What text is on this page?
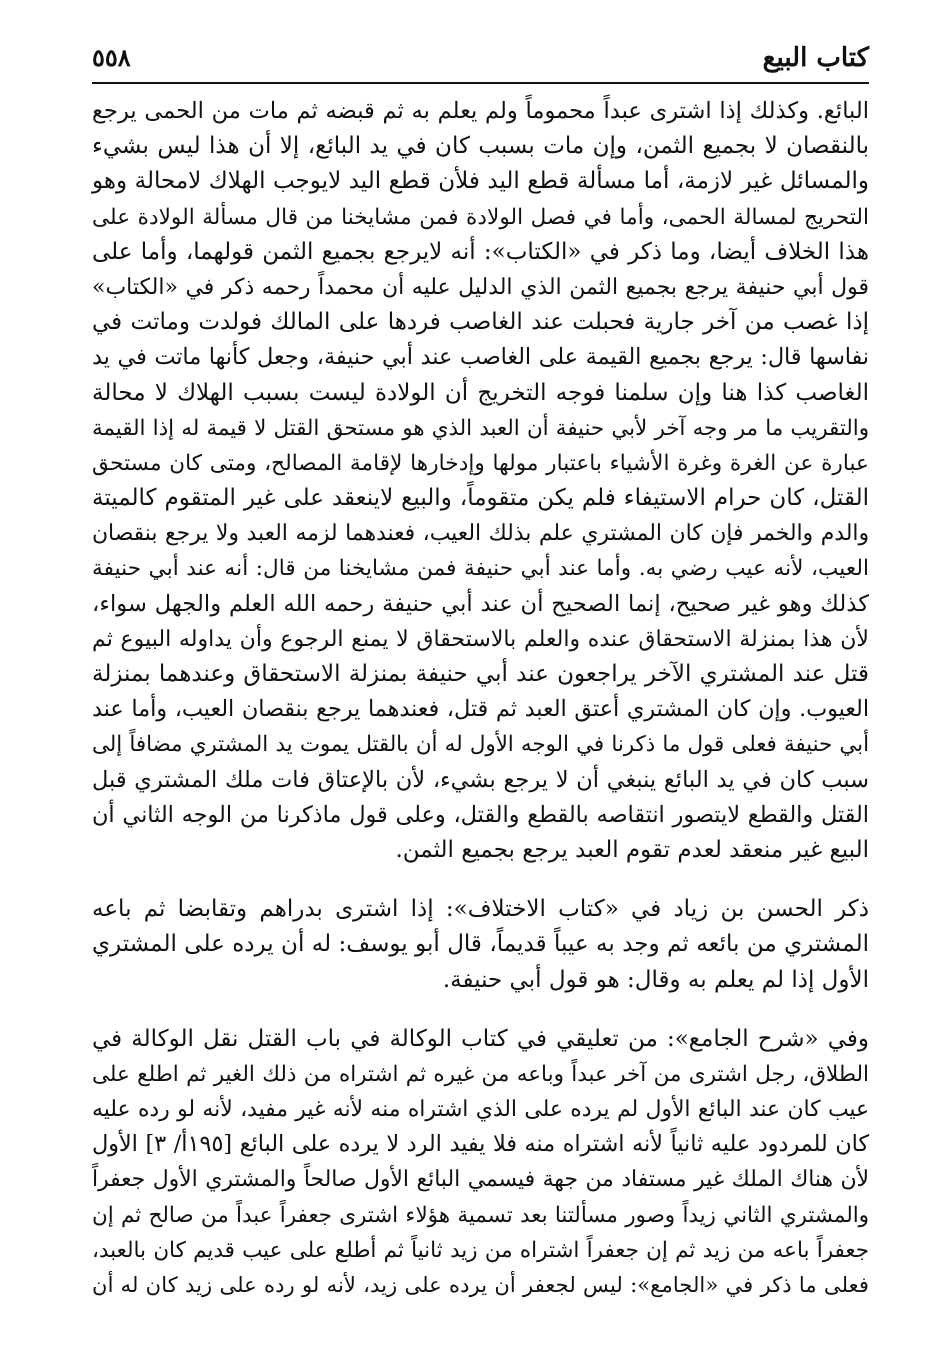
كتاب البيع
٥٥٨
البائع. وكذلك إذا اشترى عبداً محموماً ولم يعلم به ثم قبضه ثم مات من الحمى يرجع
بالنقصان لا بجميع الثمن، وإن مات بسبب كان في يد البائع، إلا أن هذا ليس بشيء
والمسائل غير لازمة، أما مسألة قطع اليد فلأن قطع اليد لايوجب الهلاك لامحالة وهو
التحريج لمسالة الحمى، وأما في فصل الولادة فمن مشايخنا من قال مسألة الولادة على
هذا الخلاف أيضا، وما ذكر في «الكتاب»: أنه لايرجع بجميع الثمن قولهما، وأما على
قول أبي حنيفة يرجع بجميع الثمن الذي الدليل عليه أن محمداً رحمه ذكر في «الكتاب»
إذا غصب من آخر جارية فحبلت عند الغاصب فردها على المالك فولدت وماتت في
نفاسها قال: يرجع بجميع القيمة على الغاصب عند أبي حنيفة، وجعل كأنها ماتت في يد
الغاصب كذا هنا وإن سلمنا فوجه التخريج أن الولادة ليست بسبب الهلاك لا محالة
والتقريب ما مر وجه آخر لأبي حنيفة أن العبد الذي هو مستحق القتل لا قيمة له إذا القيمة
عبارة عن الغرة وغرة الأشياء باعتبار مولها وإدخارها لإقامة المصالح، ومتى كان مستحق
القتل، كان حرام الاستيفاء فلم يكن متقوماً، والبيع لاينعقد على غير المتقوم كالميتة
والدم والخمر فإن كان المشتري علم بذلك العيب، فعندهما لزمه العبد ولا يرجع بنقصان
العيب، لأنه عيب رضي به. وأما عند أبي حنيفة فمن مشايخنا من قال: أنه عند أبي حنيفة
كذلك وهو غير صحيح، إنما الصحيح أن عند أبي حنيفة رحمه الله العلم والجهل سواء،
لأن هذا بمنزلة الاستحقاق عنده والعلم بالاستحقاق لا يمنع الرجوع وأن يداوله البيوع ثم
قتل عند المشتري الآخر يراجعون عند أبي حنيفة بمنزلة الاستحقاق وعندهما بمنزلة
العيوب. وإن كان المشتري أعتق العبد ثم قتل، فعندهما يرجع بنقصان العيب، وأما عند
أبي حنيفة فعلى قول ما ذكرنا في الوجه الأول له أن بالقتل يموت يد المشتري مضافاً إلى
سبب كان في يد البائع ينبغي أن لا يرجع بشيء، لأن بالإعتاق فات ملك المشتري قبل
القتل والقطع لايتصور انتقاصه بالقطع والقتل، وعلى قول ماذكرنا من الوجه الثاني أن
البيع غير منعقد لعدم تقوم العبد يرجع بجميع الثمن.
ذكر الحسن بن زياد في «كتاب الاختلاف»: إذا اشترى بدراهم وتقابضا ثم باعه
المشتري من بائعه ثم وجد به عيباً قديماً، قال أبو يوسف: له أن يرده على المشتري
الأول إذا لم يعلم به وقال: هو قول أبي حنيفة.
وفي «شرح الجامع»: من تعليقي في كتاب الوكالة في باب القتل نقل الوكالة في
الطلاق، رجل اشترى من آخر عبداً وباعه من غيره ثم اشتراه من ذلك الغير ثم اطلع على
عيب كان عند البائع الأول لم يرده على الذي اشتراه منه لأنه غير مفيد، لأنه لو رده عليه
كان للمردود عليه ثانياً لأنه اشتراه منه فلا يفيد الرد لا يرده على البائع [١٩٥أ/ ٣] الأول
لأن هناك الملك غير مستفاد من جهة فيسمي البائع الأول صالحاً والمشتري الأول جعفراً
والمشتري الثاني زيداً وصور مسألتنا بعد تسمية هؤلاء اشترى جعفراً عبداً من صالح ثم إن
جعفراً باعه من زيد ثم إن جعفراً اشتراه من زيد ثانياً ثم أطلع على عيب قديم كان بالعبد،
فعلى ما ذكر في «الجامع»: ليس لجعفر أن يرده على زيد، لأنه لو رده على زيد كان له أن
